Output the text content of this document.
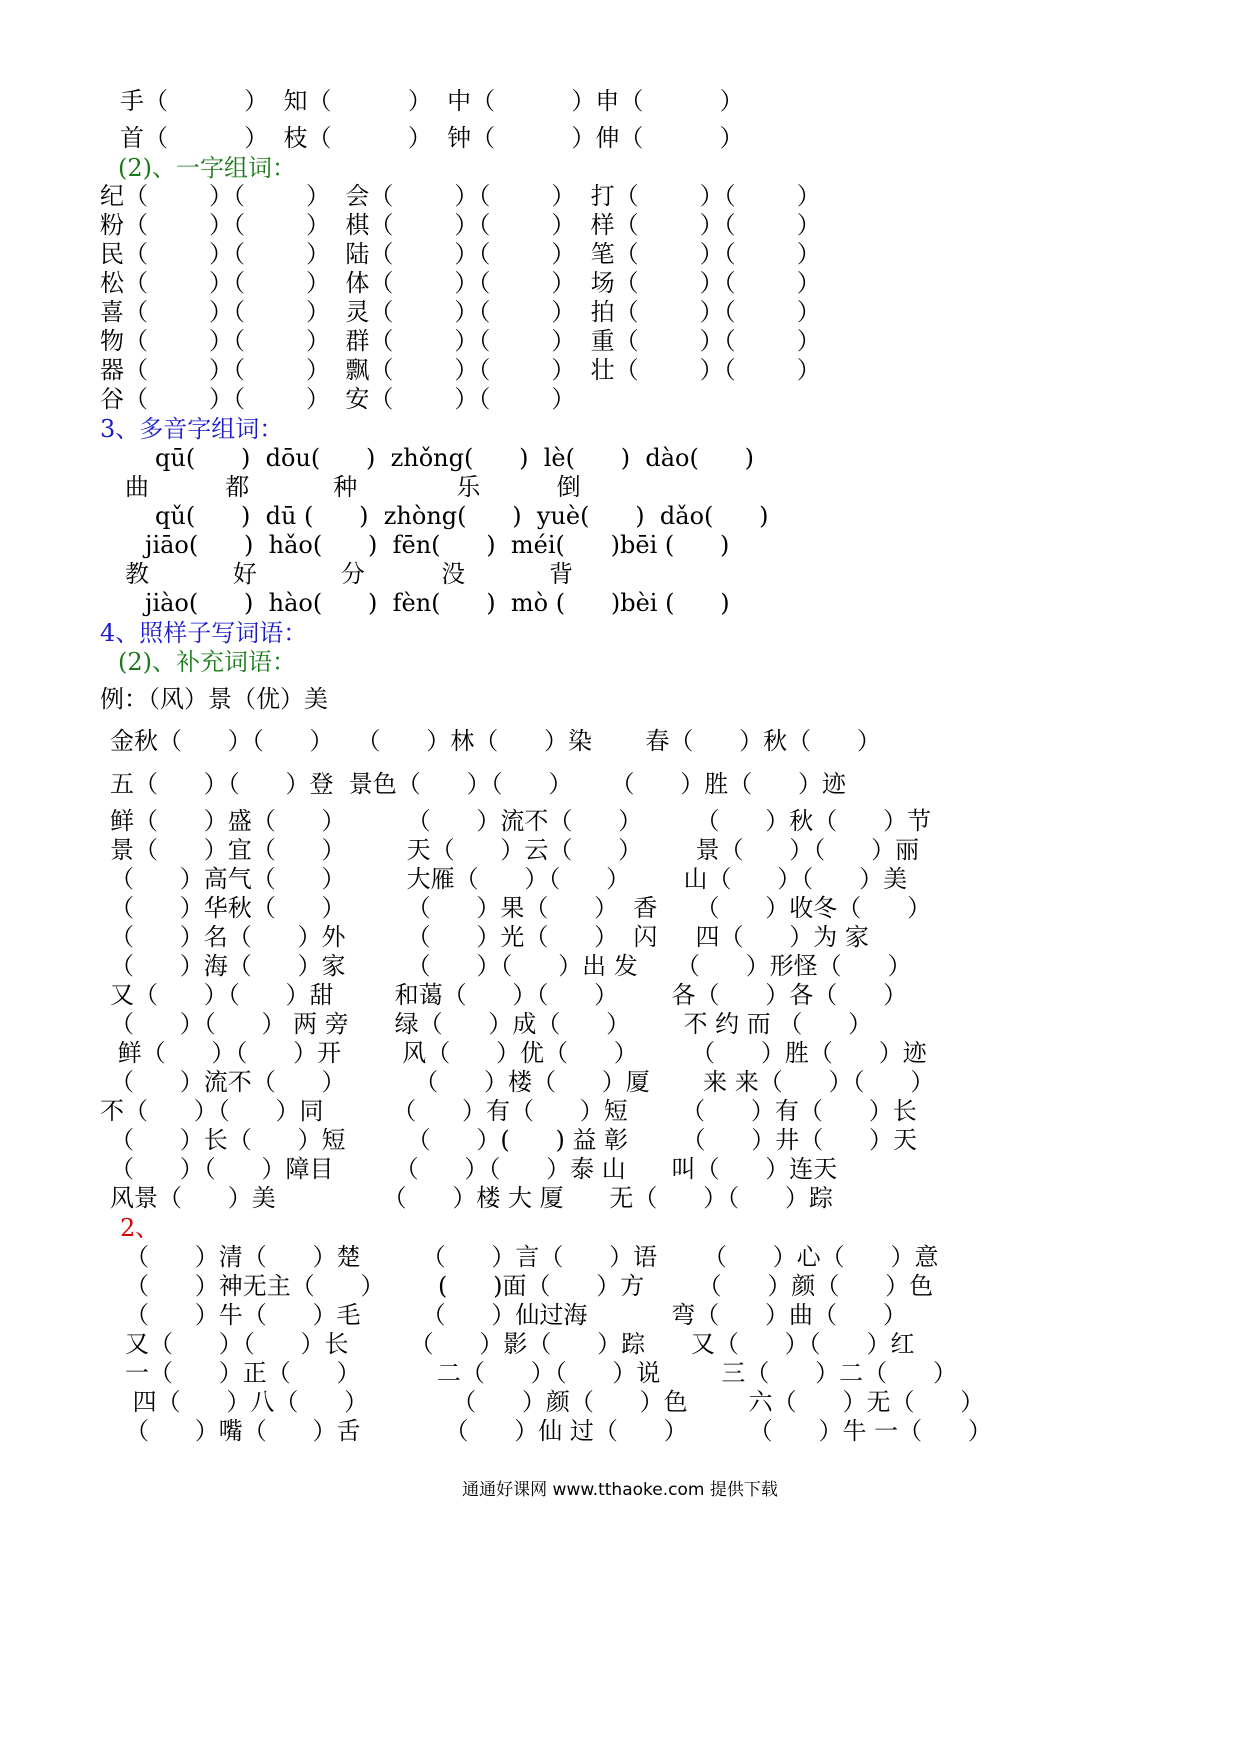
手（          ）  知（          ）  中（          ）申（          ）
首（          ）  枝（          ）  钟（          ）伸（          ）
(2)、一字组词：
纪（        ）（        ）  会（        ）（        ）  打（        ）（        ）
粉（        ）（        ）  棋（        ）（        ）  样（        ）（        ）
民（        ）（        ）  陆（        ）（        ）  笔（        ）（        ）
松（        ）（        ）  体（        ）（        ）  场（        ）（        ）
喜（        ）（        ）  灵（        ）（        ）  拍（        ）（        ）
物（        ）（        ）  群（        ）（        ）  重（        ）（        ）
器（        ）（        ）  飘（        ）（        ）  壮（        ）（        ）
谷（        ）（        ）  安（        ）（        ）
3、多音字组词：
qū(      )  dōu(      )  zhǒng(      )  lè(      )  dào(      )
曲          都           种             乐          倒
qǔ(      )  dū (      )  zhòng(      )  yuè(      )  dǎo(      )
jiāo(      )  hǎo(      )  fēn(      )  méi(      )bēi (      )
教           好           分          没           背
jiào(      )  hào(      )  fèn(      )  mò (      )bèi (      )
4、照样子写词语：
(2)、补充词语：
例：（风）景（优）美
金秋（      ）（      ）   （      ）林（      ）染       春（      ）秋（      ）
五（      ）（      ）登  景色（      ）（      ）     （      ）胜（      ）迹
鲜（      ）盛（      ）        （      ）流不（      ）       （      ）秋（      ）节
景（      ）宜（      ）        天（      ）云（      ）       景（      ）（      ）丽
（      ）高气（      ）        大雁（      ）（      ）       山（      ）（      ）美
（      ）华秋（      ）        （      ）果（      ）  香     （      ）收冬（      ）
（      ）名（      ）外        （      ）光（      ）  闪     四（      ）为 家
（      ）海（      ）家        （      ）（      ）出 发     （      ）形怪（      ）
又（      ）（      ）甜        和蔼（      ）（      ）       各（      ）各（      ）
（      ）（      ） 两 旁      绿（      ）成（      ）       不 约 而 （      ）
鲜（      ）（      ）开        风（      ）优（      ）       （      ）胜（      ）迹
（      ）流不（      ）         （      ）楼（      ）厦       来 来（      ）（      ）
不（      ）（      ）同         （      ）有（      ）短       （      ）有（      ）长
（      ）长（      ）短        （      ）(      ) 益 彰       （      ）井（      ）天
（      ）（      ）障目        （      ）（      ）泰 山      叫（      ）连天
风景（      ）美              （      ）楼 大 厦      无（      ）（      ）踪
2、
（      ）清（      ）楚        （      ）言（      ）语      （      ）心（      ）意
（      ）神无主（      ）       (      )面（      ）方       （      ）颜（      ）色
（      ）牛（      ）毛        （      ）仙过海           弯（      ）曲（      ）
又（      ）（      ）长        （      ）影（      ）踪      又（      ）（      ）红
一（      ）正（      ）          二（      ）（      ）说        三（      ）二（      ）
四（      ）八（      ）           （      ）颜（      ）色        六（      ）无（      ）
（      ）嘴（      ）舌           （      ）仙 过（      ）        （      ）牛 一（      ）
通通好课网 www.tthaoke.com 提供下载
